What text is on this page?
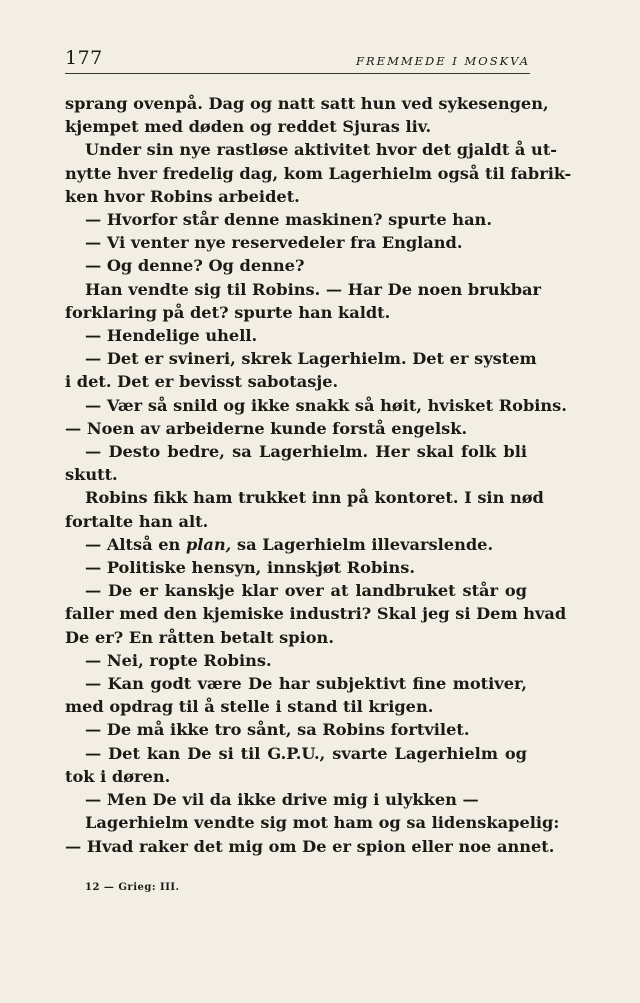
177	FREMMEDE I MOSKVA
sprang ovenpå. Dag og natt satt hun ved sykesengen,
kjempet med døden og reddet Sjuras liv.
Under sin nye rastløse aktivitet hvor det gjaldt å ut-
nytte hver fredelig dag, kom Lagerhielm også til fabrik-
ken hvor Robins arbeidet.
— Hvorfor står denne maskinen? spurte han.
— Vi venter nye reservedeler fra England.
— Og denne? Og denne?
Han vendte sig til Robins. — Har De noen brukbar
forklaring på det? spurte han kaldt.
— Hendelige uhell.
— Det er svineri, skrek Lagerhielm. Det er system
i det. Det er bevisst sabotasje.
— Vær så snild og ikke snakk så høit, hvisket Robins.
— Noen av arbeiderne kunde forstå engelsk.
— Desto bedre, sa Lagerhielm. Her skal folk bli
skutt.
Robins fikk ham trukket inn på kontoret. I sin nød
fortalte han alt.
— Altså en plan, sa Lagerhielm illevarslende.
— Politiske hensyn, innskjøt Robins.
— De er kanskje klar over at landbruket står og
faller med den kjemiske industri? Skal jeg si Dem hvad
De er? En råtten betalt spion.
— Nei, ropte Robins.
— Kan godt være De har subjektivt fine motiver,
med opdrag til å stelle i stand til krigen.
— De må ikke tro sånt, sa Robins fortvilet.
— Det kan De si til G.P.U., svarte Lagerhielm og
tok i døren.
— Men De vil da ikke drive mig i ulykken —
Lagerhielm vendte sig mot ham og sa lidenskapelig:
— Hvad raker det mig om De er spion eller noe annet.
12 — Grieg: III.
